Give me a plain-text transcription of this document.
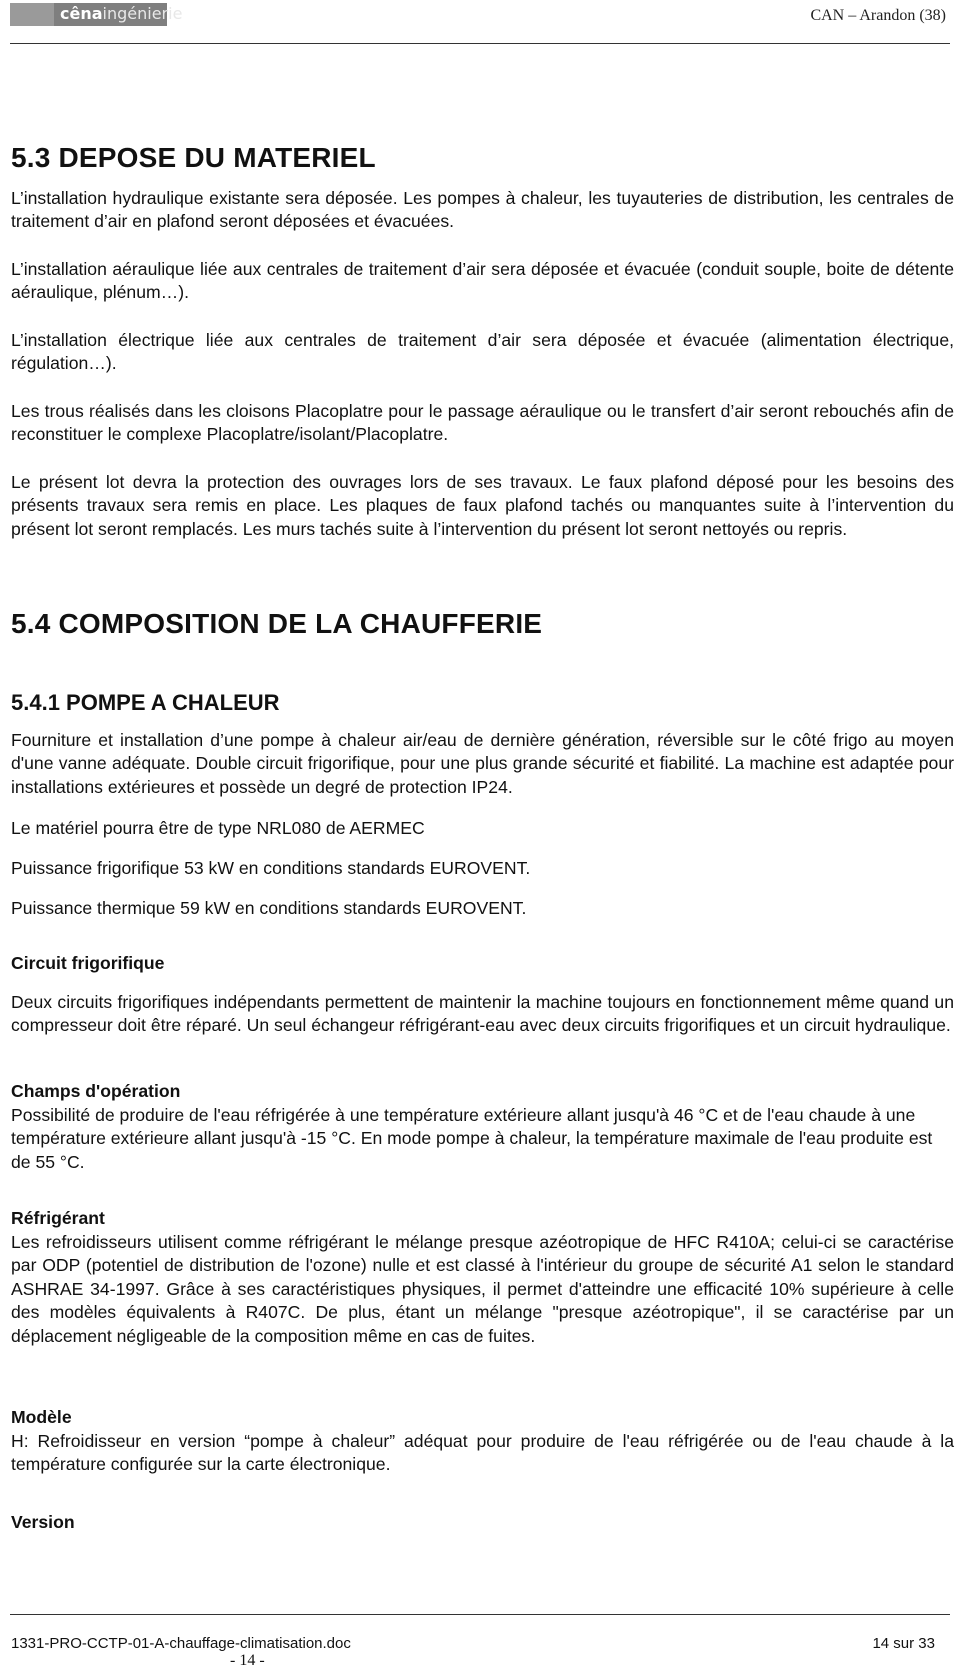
cênaingénierie	CAN – Arandon (38)
5.3 DEPOSE DU MATERIEL
L’installation hydraulique existante sera déposée. Les pompes à chaleur, les tuyauteries de distribution, les centrales de traitement d’air en plafond seront déposées et évacuées.
L’installation aéraulique liée aux centrales de traitement d’air sera déposée et évacuée (conduit souple, boite de détente aéraulique, plénum…).
L’installation électrique liée aux centrales de traitement d’air sera déposée et évacuée (alimentation électrique, régulation…).
Les trous réalisés dans les cloisons Placoplatre pour le passage aéraulique ou le transfert d’air seront rebouchés afin de reconstituer le complexe Placoplatre/isolant/Placoplatre.
Le présent lot devra la protection des ouvrages lors de ses travaux. Le faux plafond déposé pour les besoins des présents travaux sera remis en place. Les plaques de faux plafond tachés ou manquantes suite à l’intervention du présent lot seront remplacés. Les murs tachés suite à l’intervention du présent lot seront nettoyés ou repris.
5.4 COMPOSITION DE LA CHAUFFERIE
5.4.1 POMPE A CHALEUR
Fourniture et installation d’une pompe à chaleur air/eau de dernière génération, réversible sur le côté frigo au moyen d'une vanne adéquate. Double circuit frigorifique, pour une plus grande sécurité et fiabilité. La machine est adaptée pour installations extérieures et possède un degré de protection IP24.
Le matériel pourra être de type NRL080 de AERMEC
Puissance frigorifique 53 kW en conditions standards EUROVENT.
Puissance thermique 59 kW en conditions standards EUROVENT.
Circuit frigorifique
Deux circuits frigorifiques indépendants permettent de maintenir la machine toujours en fonctionnement même quand un compresseur doit être réparé. Un seul échangeur réfrigérant-eau avec deux circuits frigorifiques et un circuit hydraulique.
Champs d'opération
Possibilité de produire de l'eau réfrigérée à une température extérieure allant jusqu'à 46 °C et de l'eau chaude à une température extérieure allant jusqu'à -15 °C. En mode pompe à chaleur, la température maximale de l'eau produite est de 55 °C.
Réfrigérant
Les refroidisseurs utilisent comme réfrigérant le mélange presque azéotropique de HFC R410A; celui-ci se caractérise par ODP (potentiel de distribution de l'ozone) nulle et est classé à l'intérieur du groupe de sécurité A1 selon le standard ASHRAE 34-1997. Grâce à ses caractéristiques physiques, il permet d'atteindre une efficacité 10% supérieure à celle des modèles équivalents à R407C. De plus, étant un mélange "presque azéotropique", il se caractérise par un déplacement négligeable de la composition même en cas de fuites.
Modèle
H: Refroidisseur en version “pompe à chaleur” adéquat pour produire de l'eau réfrigérée ou de l'eau chaude à la température configurée sur la carte électronique.
Version
1331-PRO-CCTP-01-A-chauffage-climatisation.doc	14 sur 33
- 14 -
